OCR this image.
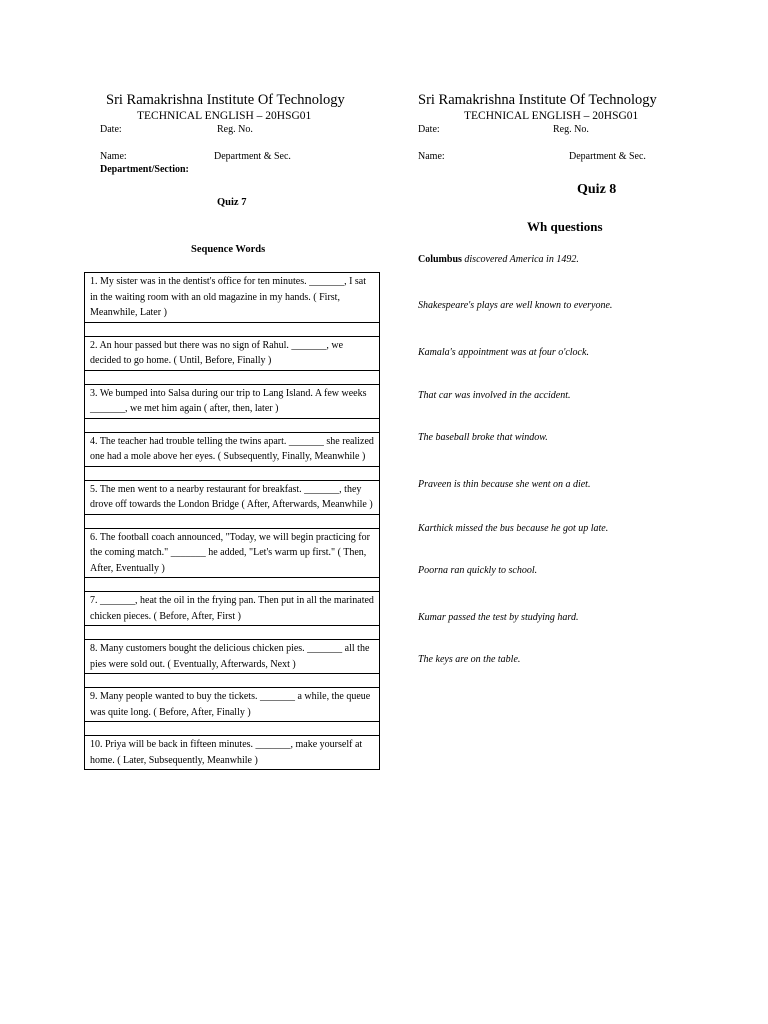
Sri Ramakrishna Institute Of Technology
TECHNICAL ENGLISH – 20HSG01
Date:	Reg. No.
Name:	Department & Sec.
Department/Section:
Quiz 7
Sequence Words
1. My sister was in the dentist's office for ten minutes. _______, I sat in the waiting room with an old magazine in my hands. ( First, Meanwhile, Later )

2. An hour passed but there was no sign of Rahul. _______, we decided to go home. ( Until, Before, Finally )

3. We bumped into Salsa during our trip to Lang Island. A few weeks _______, we met him again ( after, then, later )

4. The teacher had trouble telling the twins apart. _______ she realized one had a mole above her eyes. ( Subsequently, Finally, Meanwhile )

5. The men went to a nearby restaurant for breakfast. _______, they drove off towards the London Bridge ( After, Afterwards, Meanwhile )

6. The football coach announced, "Today, we will begin practicing for the coming match." _______ he added, "Let's warm up first." ( Then, After, Eventually )

7. _______, heat the oil in the frying pan. Then put in all the marinated chicken pieces. ( Before, After, First )

8. Many customers bought the delicious chicken pies. _______ all the pies were sold out. ( Eventually, Afterwards, Next )

9. Many people wanted to buy the tickets. _______ a while, the queue was quite long. ( Before, After, Finally )

10. Priya will be back in fifteen minutes. _______, make yourself at home. ( Later, Subsequently, Meanwhile )
Sri Ramakrishna Institute Of Technology
TECHNICAL ENGLISH – 20HSG01
Date:	Reg. No.
Name:	Department & Sec.
Quiz 8
Wh questions
Columbus discovered America in 1492.
Shakespeare's plays are well known to everyone.
Kamala's appointment was at four o'clock.
That car was involved in the accident.
The baseball broke that window.
Praveen is thin because she went on a diet.
Karthick missed the bus because he got up late.
Poorna ran quickly to school.
Kumar passed the test by studying hard.
The keys are on the table.
